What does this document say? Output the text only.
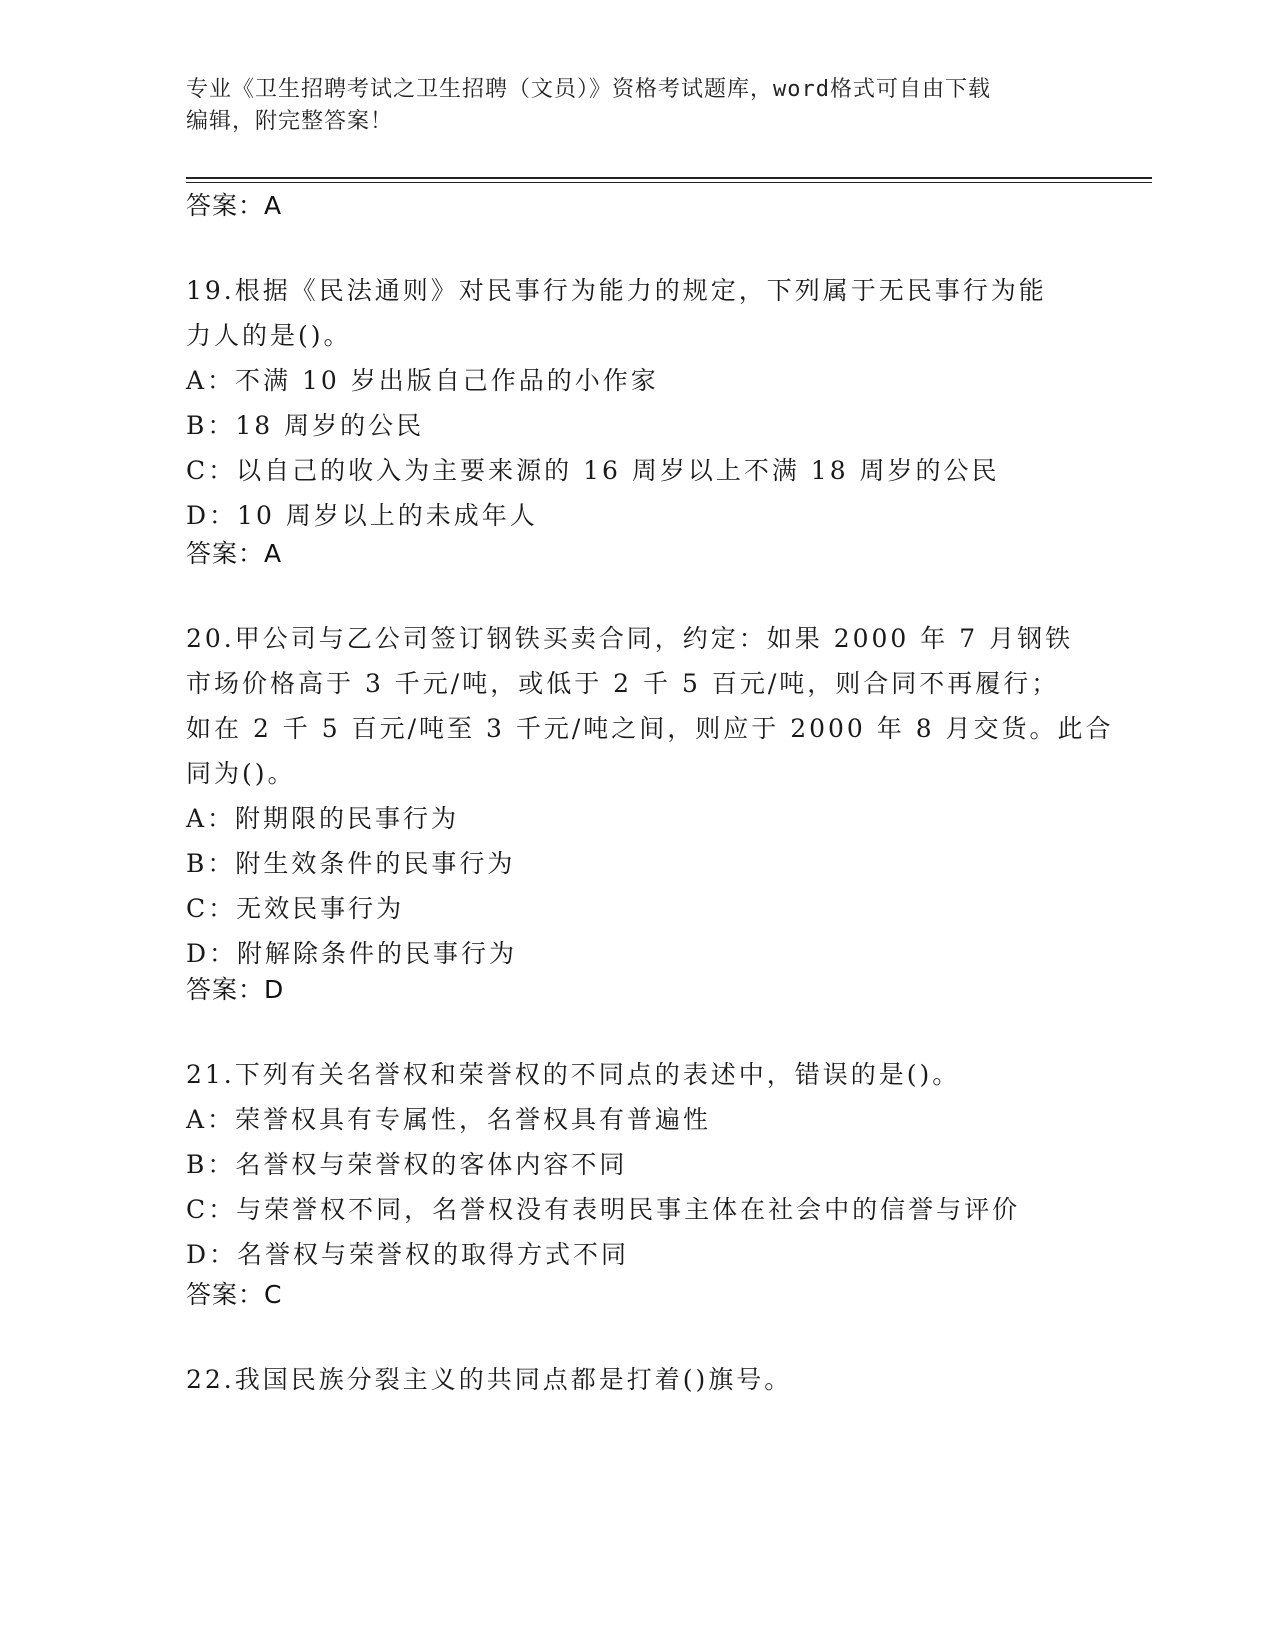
专业《卫生招聘考试之卫生招聘（文员）》资格考试题库，word格式可自由下载
编辑，附完整答案！
答案：A
19.根据《民法通则》对民事行为能力的规定，下列属于无民事行为能
力人的是()。
A：不满 10 岁出版自己作品的小作家
B：18 周岁的公民
C：以自己的收入为主要来源的 16 周岁以上不满 18 周岁的公民
D：10 周岁以上的未成年人
答案：A
20.甲公司与乙公司签订钢铁买卖合同，约定：如果 2000 年 7 月钢铁
市场价格高于 3 千元/吨，或低于 2 千 5 百元/吨，则合同不再履行；
如在 2 千 5 百元/吨至 3 千元/吨之间，则应于 2000 年 8 月交货。此合
同为()。
A：附期限的民事行为
B：附生效条件的民事行为
C：无效民事行为
D：附解除条件的民事行为
答案：D
21.下列有关名誉权和荣誉权的不同点的表述中，错误的是()。
A：荣誉权具有专属性，名誉权具有普遍性
B：名誉权与荣誉权的客体内容不同
C：与荣誉权不同，名誉权没有表明民事主体在社会中的信誉与评价
D：名誉权与荣誉权的取得方式不同
答案：C
22.我国民族分裂主义的共同点都是打着()旗号。
